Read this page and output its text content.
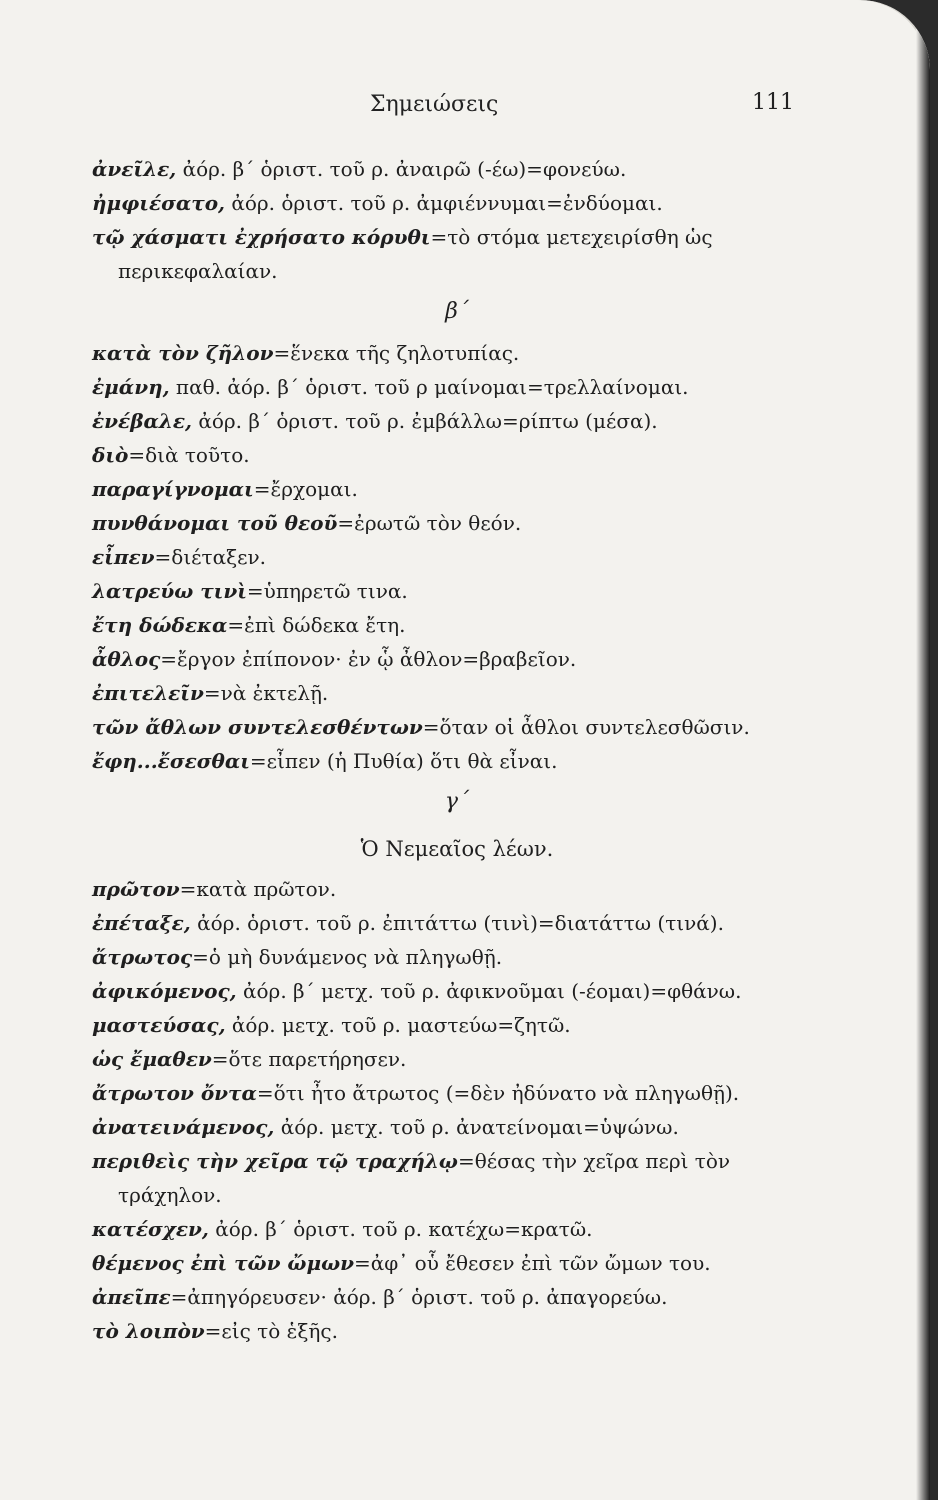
Σημειώσεις	111
ἀνεῖλε, ἀόρ. β΄ ὁριστ. τοῦ ρ. ἀναιρῶ (-έω)=φονεύω.
ἠμφιέσατο, ἀόρ. ὁριστ. τοῦ ρ. ἀμφιέννυμαι=ἐνδύομαι.
τῷ χάσματι ἐχρήσατο κόρυθι=τὸ στόμα μετεχειρίσθη ὡς
περικεφαλαίαν.
β΄
κατὰ τὸν ζῆλον=ἕνεκα τῆς ζηλοτυπίας.
ἐμάνη, παθ. ἀόρ. β΄ ὁριστ. τοῦ ρ μαίνομαι=τρελλαίνομαι.
ἐνέβαλε, ἀόρ. β΄ ὁριστ. τοῦ ρ. ἐμβάλλω=ρίπτω (μέσα).
διὸ=διὰ τοῦτο.
παραγίγνομαι=ἔρχομαι.
πυνθάνομαι τοῦ θεοῦ=ἐρωτῶ τὸν θεόν.
εἶπεν=διέταξεν.
λατρεύω τινὶ=ὑπηρετῶ τινα.
ἔτη δώδεκα=ἐπὶ δώδεκα ἔτη.
ἆθλος=ἔργον ἐπίπονον· ἐν ᾧ ἆθλον=βραβεῖον.
ἐπιτελεῖν=νὰ ἐκτελῇ.
τῶν ἄθλων συντελεσθέντων=ὅταν οἱ ἆθλοι συντελεσθῶσιν.
ἔφη...ἔσεσθαι=εἶπεν (ἡ Πυθία) ὅτι θὰ εἶναι.
γ΄
Ὁ Νεμεαῖος λέων.
πρῶτον=κατὰ πρῶτον.
ἐπέταξε, ἀόρ. ὁριστ. τοῦ ρ. ἐπιτάττω (τινὶ)=διατάττω (τινά).
ἄτρωτος=ὁ μὴ δυνάμενος νὰ πληγωθῇ.
ἀφικόμενος, ἀόρ. β΄ μετχ. τοῦ ρ. ἀφικνοῦμαι (-έομαι)=φθάνω.
μαστεύσας, ἀόρ. μετχ. τοῦ ρ. μαστεύω=ζητῶ.
ὡς ἔμαθεν=ὅτε παρετήρησεν.
ἄτρωτον ὄντα=ὅτι ἦτο ἄτρωτος (=δὲν ἠδύνατο νὰ πληγωθῇ).
ἀνατεινάμενος, ἀόρ. μετχ. τοῦ ρ. ἀνατείνομαι=ὑψώνω.
περιθεὶς τὴν χεῖρα τῷ τραχήλῳ=θέσας τὴν χεῖρα περὶ τὸν
τράχηλον.
κατέσχεν, ἀόρ. β΄ ὁριστ. τοῦ ρ. κατέχω=κρατῶ.
θέμενος ἐπὶ τῶν ὤμων=ἀφ᾿ οὗ ἔθεσεν ἐπὶ τῶν ὤμων του.
ἀπεῖπε=ἀπηγόρευσεν· ἀόρ. β΄ ὁριστ. τοῦ ρ. ἀπαγορεύω.
τὸ λοιπὸν=εἰς τὸ ἑξῆς.
